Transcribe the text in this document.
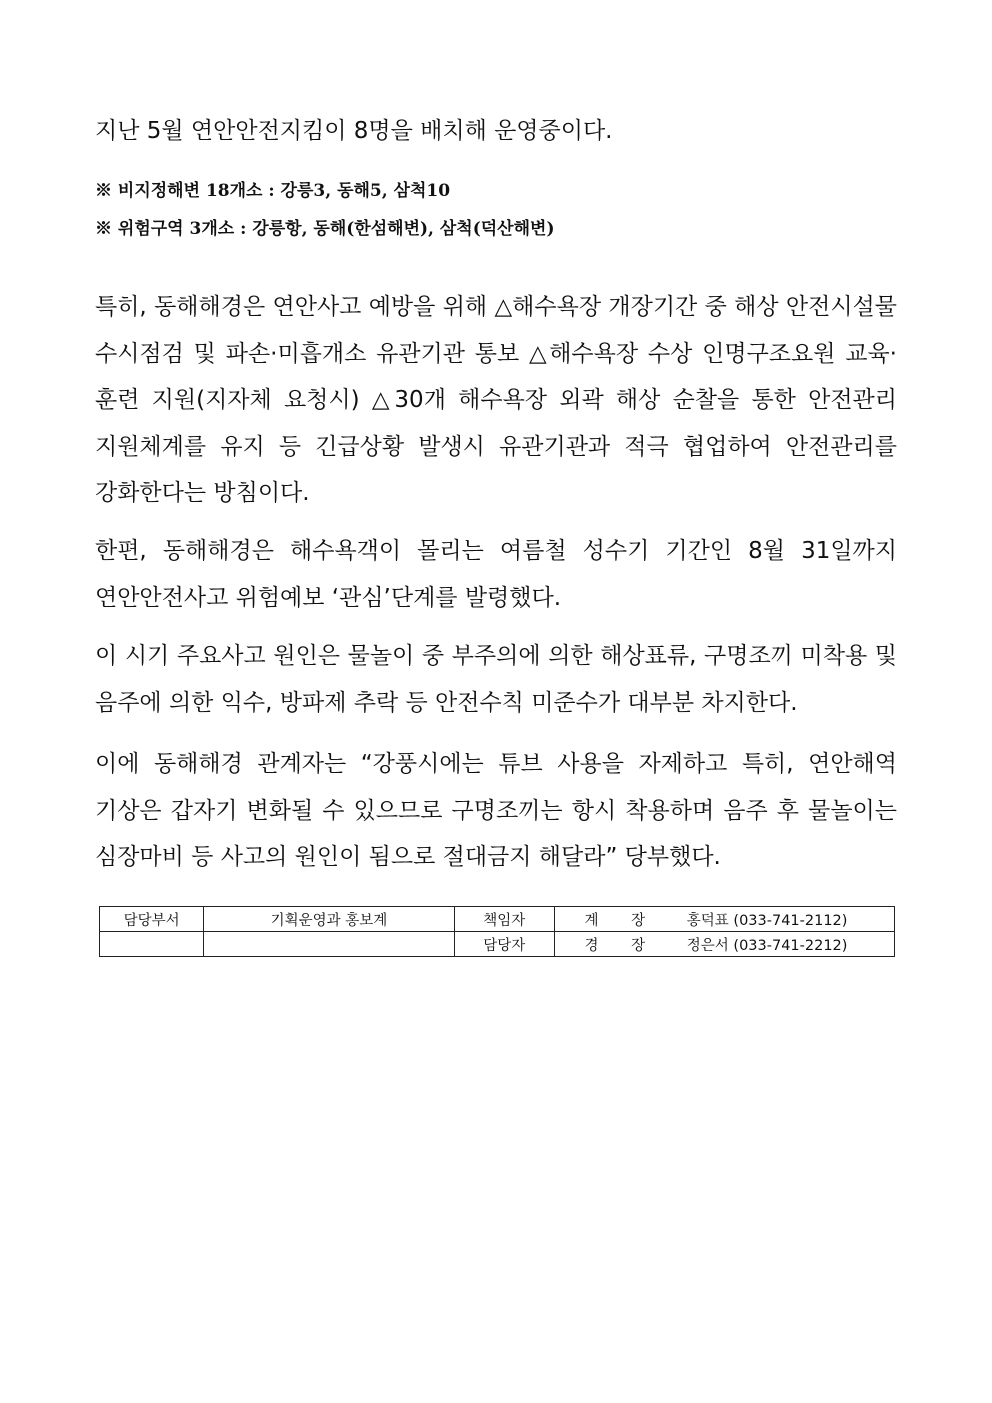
지난 5월 연안안전지킴이 8명을 배치해 운영중이다.

※ 비지정해변 18개소 : 강릉3, 동해5, 삼척10
※ 위험구역 3개소 : 강릉항, 동해(한섬해변), 삼척(덕산해변)

특히, 동해해경은 연안사고 예방을 위해 △해수욕장 개장기간 중 해상 안전시설물 수시점검 및 파손·미흡개소 유관기관 통보 △해수욕장 수상 인명구조요원 교육·훈련 지원(지자체 요청시) △30개 해수욕장 외곽 해상 순찰을 통한 안전관리 지원체계를 유지 등 긴급상황 발생시 유관기관과 적극 협업하여 안전관리를 강화한다는 방침이다.

한편, 동해해경은 해수욕객이 몰리는 여름철 성수기 기간인 8월 31일까지 연안안전사고 위험예보 ‘관심’단계를 발령했다.

이 시기 주요사고 원인은 물놀이 중 부주의에 의한 해상표류, 구명조끼 미착용 및 음주에 의한 익수, 방파제 추락 등 안전수칙 미준수가 대부분 차지한다.

이에 동해해경 관계자는 “강풍시에는 튜브 사용을 자제하고 특히, 연안해역 기상은 갑자기 변화될 수 있으므로 구명조끼는 항시 착용하며 음주 후 물놀이는 심장마비 등 사고의 원인이 됨으로 절대금지 해달라” 당부했다.

담당부서	기획운영과 홍보계	책임자	계 장 홍덕표 (033-741-2112)

		담당자	경 장 정은서 (033-741-2212)
